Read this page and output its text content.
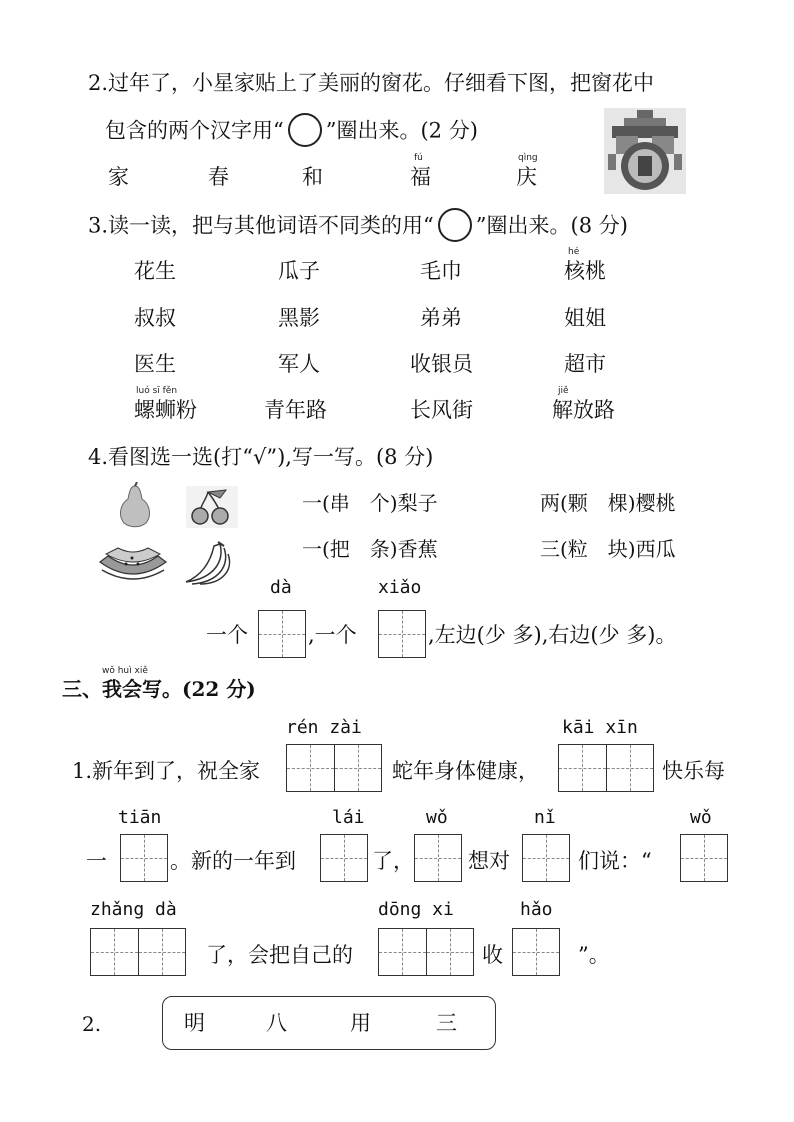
2.过年了，小星家贴上了美丽的窗花。仔细看下图，把窗花中
包含的两个汉字用“ ”圈出来。(2 分)
fú	qìng
家	春	和	福	庆
3.读一读，把与其他词语不同类的用“ ”圈出来。(8 分)
hé
花生	瓜子	毛巾	核桃
叔叔	黑影	弟弟	姐姐
医生	军人	收银员	超市
luó sī fěn	jiě
螺蛳粉	青年路	长风街	解放路
4.看图选一选(打“√”),写一写。(8 分)
一(串　个)梨子	两(颗　棵)樱桃
一(把　条)香蕉	三(粒　块)西瓜
dà	xiǎo
一个	,一个	,左边(少 多),右边(少 多)。
wǒ huì xiě
三、我会写。(22 分)
rén zài	kāi xīn
1.新年到了，祝全家	蛇年身体健康，	快乐每
tiān	lái	wǒ	nǐ	wǒ
一	。新的一年到	了，	想对	们说：“
zhǎng dà	dōng xi	hǎo
了，会把自己的	收	”。
2.	明	八	用	三
